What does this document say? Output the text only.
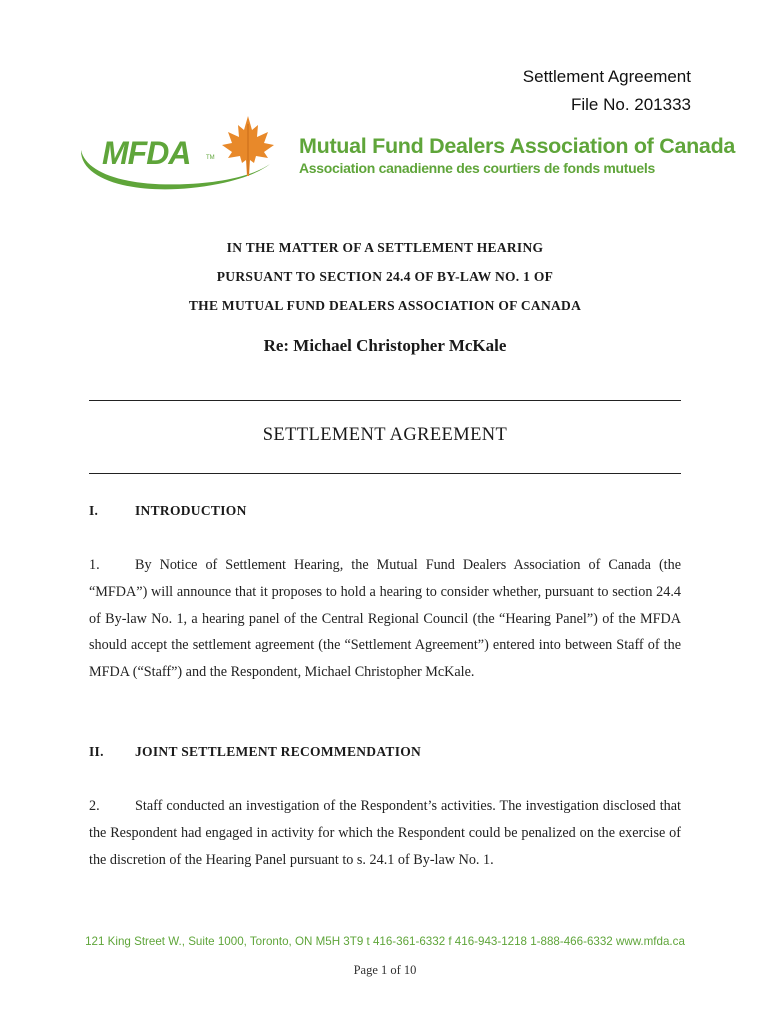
Settlement Agreement
File No. 201333
MFDA	TM	Mutual Fund Dealers Association of Canada
Association canadienne des courtiers de fonds mutuels
IN THE MATTER OF A SETTLEMENT HEARING
PURSUANT TO SECTION 24.4 OF BY-LAW NO. 1 OF
THE MUTUAL FUND DEALERS ASSOCIATION OF CANADA
Re: Michael Christopher McKale
SETTLEMENT AGREEMENT
I.	INTRODUCTION
1. By Notice of Settlement Hearing, the Mutual Fund Dealers Association of Canada (the “MFDA”) will announce that it proposes to hold a hearing to consider whether, pursuant to section 24.4 of By-law No. 1, a hearing panel of the Central Regional Council (the “Hearing Panel”) of the MFDA should accept the settlement agreement (the “Settlement Agreement”) entered into between Staff of the MFDA (“Staff”) and the Respondent, Michael Christopher McKale.
II. JOINT SETTLEMENT RECOMMENDATION
2. Staff conducted an investigation of the Respondent’s activities. The investigation disclosed that the Respondent had engaged in activity for which the Respondent could be penalized on the exercise of the discretion of the Hearing Panel pursuant to s. 24.1 of By-law No. 1.
121 King Street W., Suite 1000, Toronto, ON M5H 3T9 t 416-361-6332 f 416-943-1218 1-888-466-6332 www.mfda.ca
Page 1 of 10
